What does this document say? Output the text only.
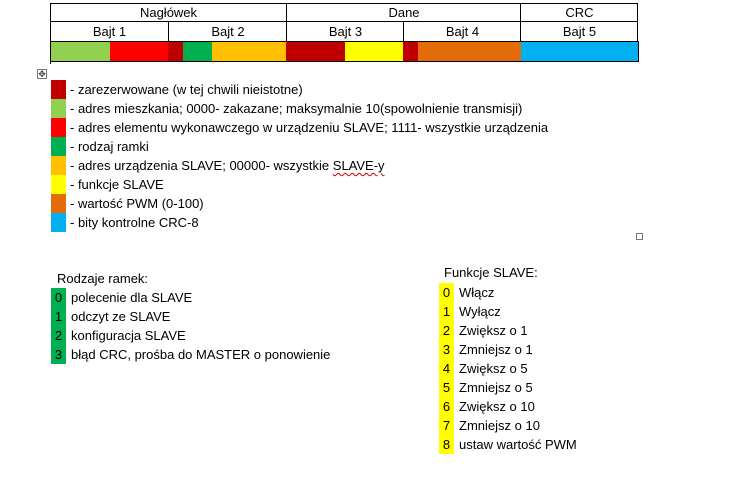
Nagłówek	Dane	CRC
Bajt 1	Bajt 2	Bajt 3	Bajt 4	Bajt 5
✥
- zarezerwowane (w tej chwili nieistotne)
- adres mieszkania; 0000- zakazane; maksymalnie 10(spowolnienie transmisji)
- adres elementu wykonawczego w urządzeniu SLAVE; 1111- wszystkie urządzenia
- rodzaj ramki
- adres urządzenia SLAVE; 00000- wszystkie SLAVE-y
- funkcje SLAVE
- wartość PWM (0-100)
- bity kontrolne CRC-8
Rodzaje ramek:
0 polecenie dla SLAVE
1 odczyt ze SLAVE
2 konfiguracja SLAVE
3 błąd CRC, prośba do MASTER o ponowienie
Funkcje SLAVE:
0 Włącz
1 Wyłącz
2 Zwiększ o 1
3 Zmniejsz o 1
4 Zwiększ o 5
5 Zmniejsz o 5
6 Zwiększ o 10
7 Zmniejsz o 10
8 ustaw wartość PWM
